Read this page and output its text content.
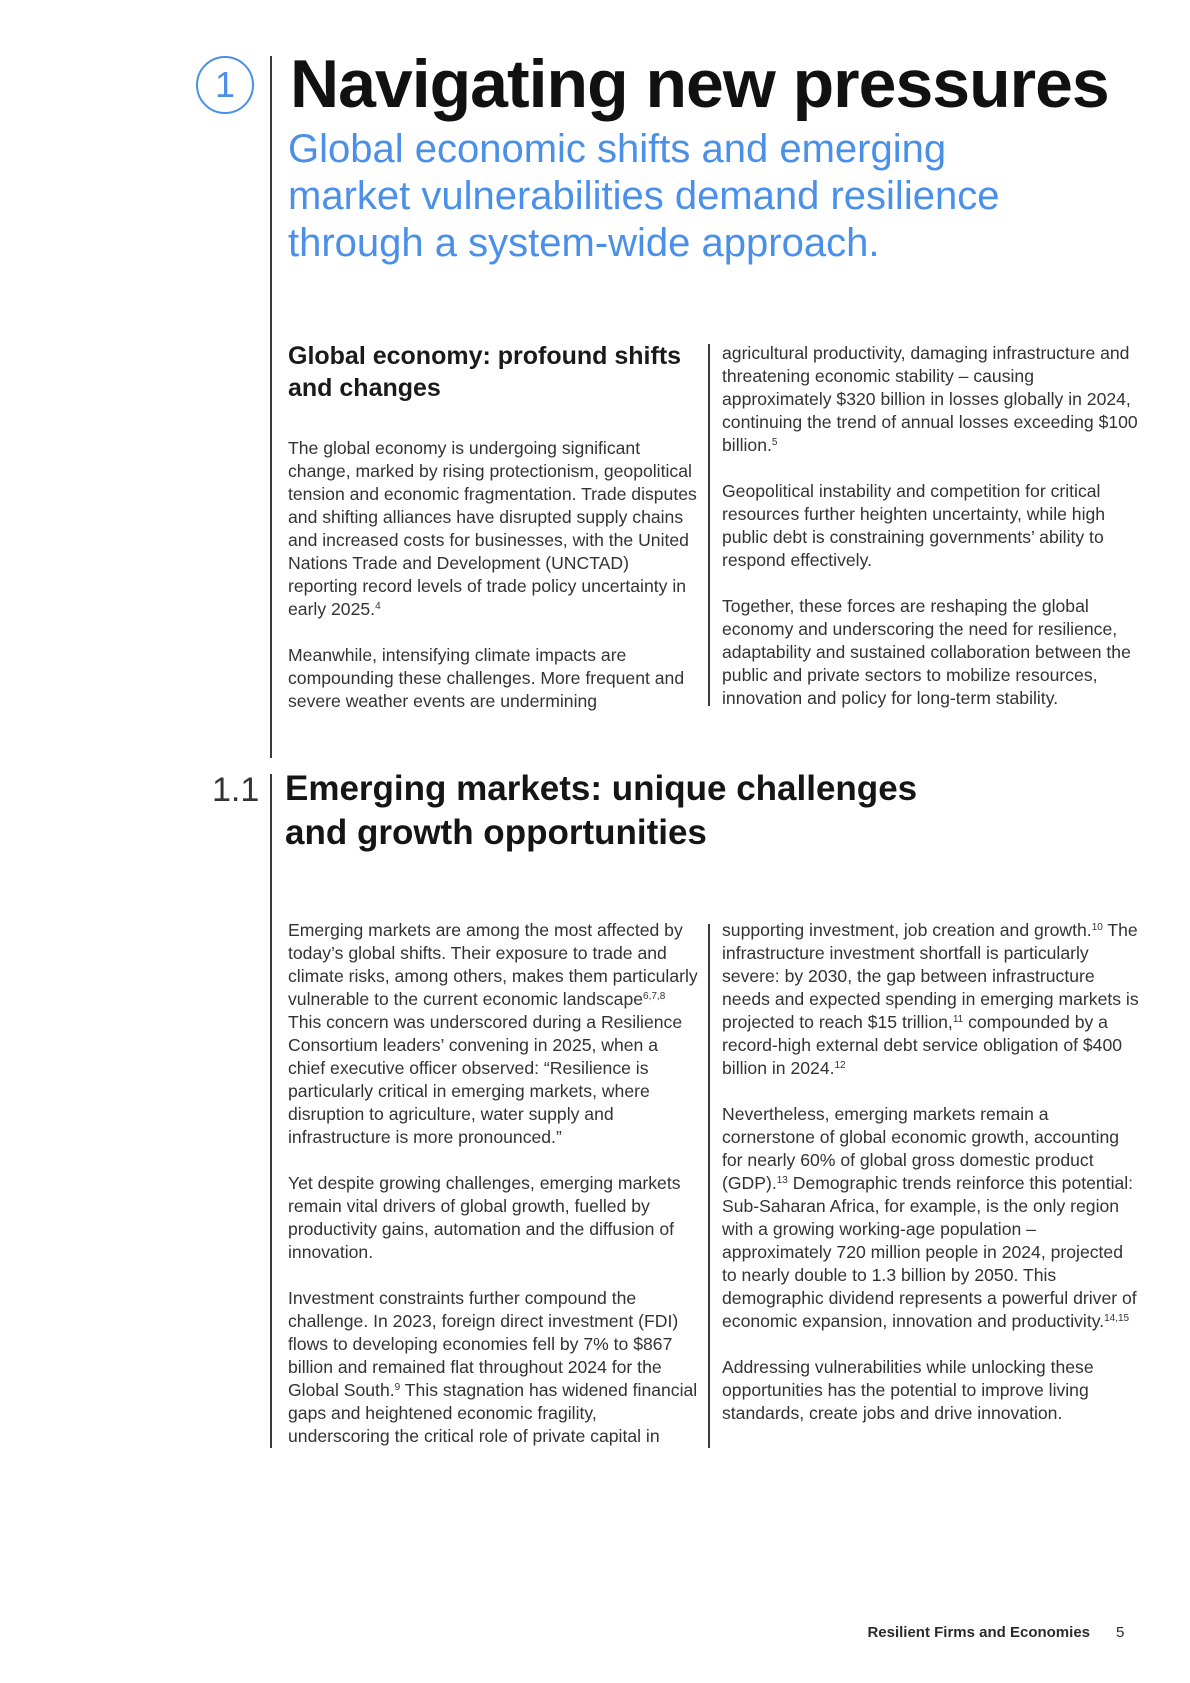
1 Navigating new pressures
Global economic shifts and emerging market vulnerabilities demand resilience through a system-wide approach.
Global economy: profound shifts and changes

The global economy is undergoing significant change, marked by rising protectionism, geopolitical tension and economic fragmentation. Trade disputes and shifting alliances have disrupted supply chains and increased costs for businesses, with the United Nations Trade and Development (UNCTAD) reporting record levels of trade policy uncertainty in early 2025.$^4$

Meanwhile, intensifying climate impacts are compounding these challenges. More frequent and severe weather events are undermining

agricultural productivity, damaging infrastructure and threatening economic stability – causing approximately $320 billion in losses globally in 2024, continuing the trend of annual losses exceeding $100 billion.$^5$

Geopolitical instability and competition for critical resources further heighten uncertainty, while high public debt is constraining governments’ ability to respond effectively.

Together, these forces are reshaping the global economy and underscoring the need for resilience, adaptability and sustained collaboration between the public and private sectors to mobilize resources, innovation and policy for long-term stability.

1.1 Emerging markets: unique challenges and growth opportunities

Emerging markets are among the most affected by today’s global shifts. Their exposure to trade and climate risks, among others, makes them particularly vulnerable to the current economic landscape$^{6,7,8}$ This concern was underscored during a Resilience Consortium leaders’ convening in 2025, when a chief executive officer observed: “Resilience is particularly critical in emerging markets, where disruption to agriculture, water supply and infrastructure is more pronounced.”

Yet despite growing challenges, emerging markets remain vital drivers of global growth, fuelled by productivity gains, automation and the diffusion of innovation.

Investment constraints further compound the challenge. In 2023, foreign direct investment (FDI) flows to developing economies fell by 7% to $867 billion and remained flat throughout 2024 for the Global South.$^9$ This stagnation has widened financial gaps and heightened economic fragility, underscoring the critical role of private capital in

supporting investment, job creation and growth.$^{10}$ The infrastructure investment shortfall is particularly severe: by 2030, the gap between infrastructure needs and expected spending in emerging markets is projected to reach $15 trillion,$^{11}$ compounded by a record-high external debt service obligation of $400 billion in 2024.12

Nevertheless, emerging markets remain a cornerstone of global economic growth, accounting for nearly 60% of global gross domestic product (GDP).$^{13}$ Demographic trends reinforce this potential: Sub-Saharan Africa, for example, is the only region with a growing working-age population – approximately 720 million people in 2024, projected to nearly double to 1.3 billion by 2050. This demographic dividend represents a powerful driver of economic expansion, innovation and productivity.$^{14,15}$

Addressing vulnerabilities while unlocking these opportunities has the potential to improve living standards, create jobs and drive innovation.

Resilient Firms and Economies 5
